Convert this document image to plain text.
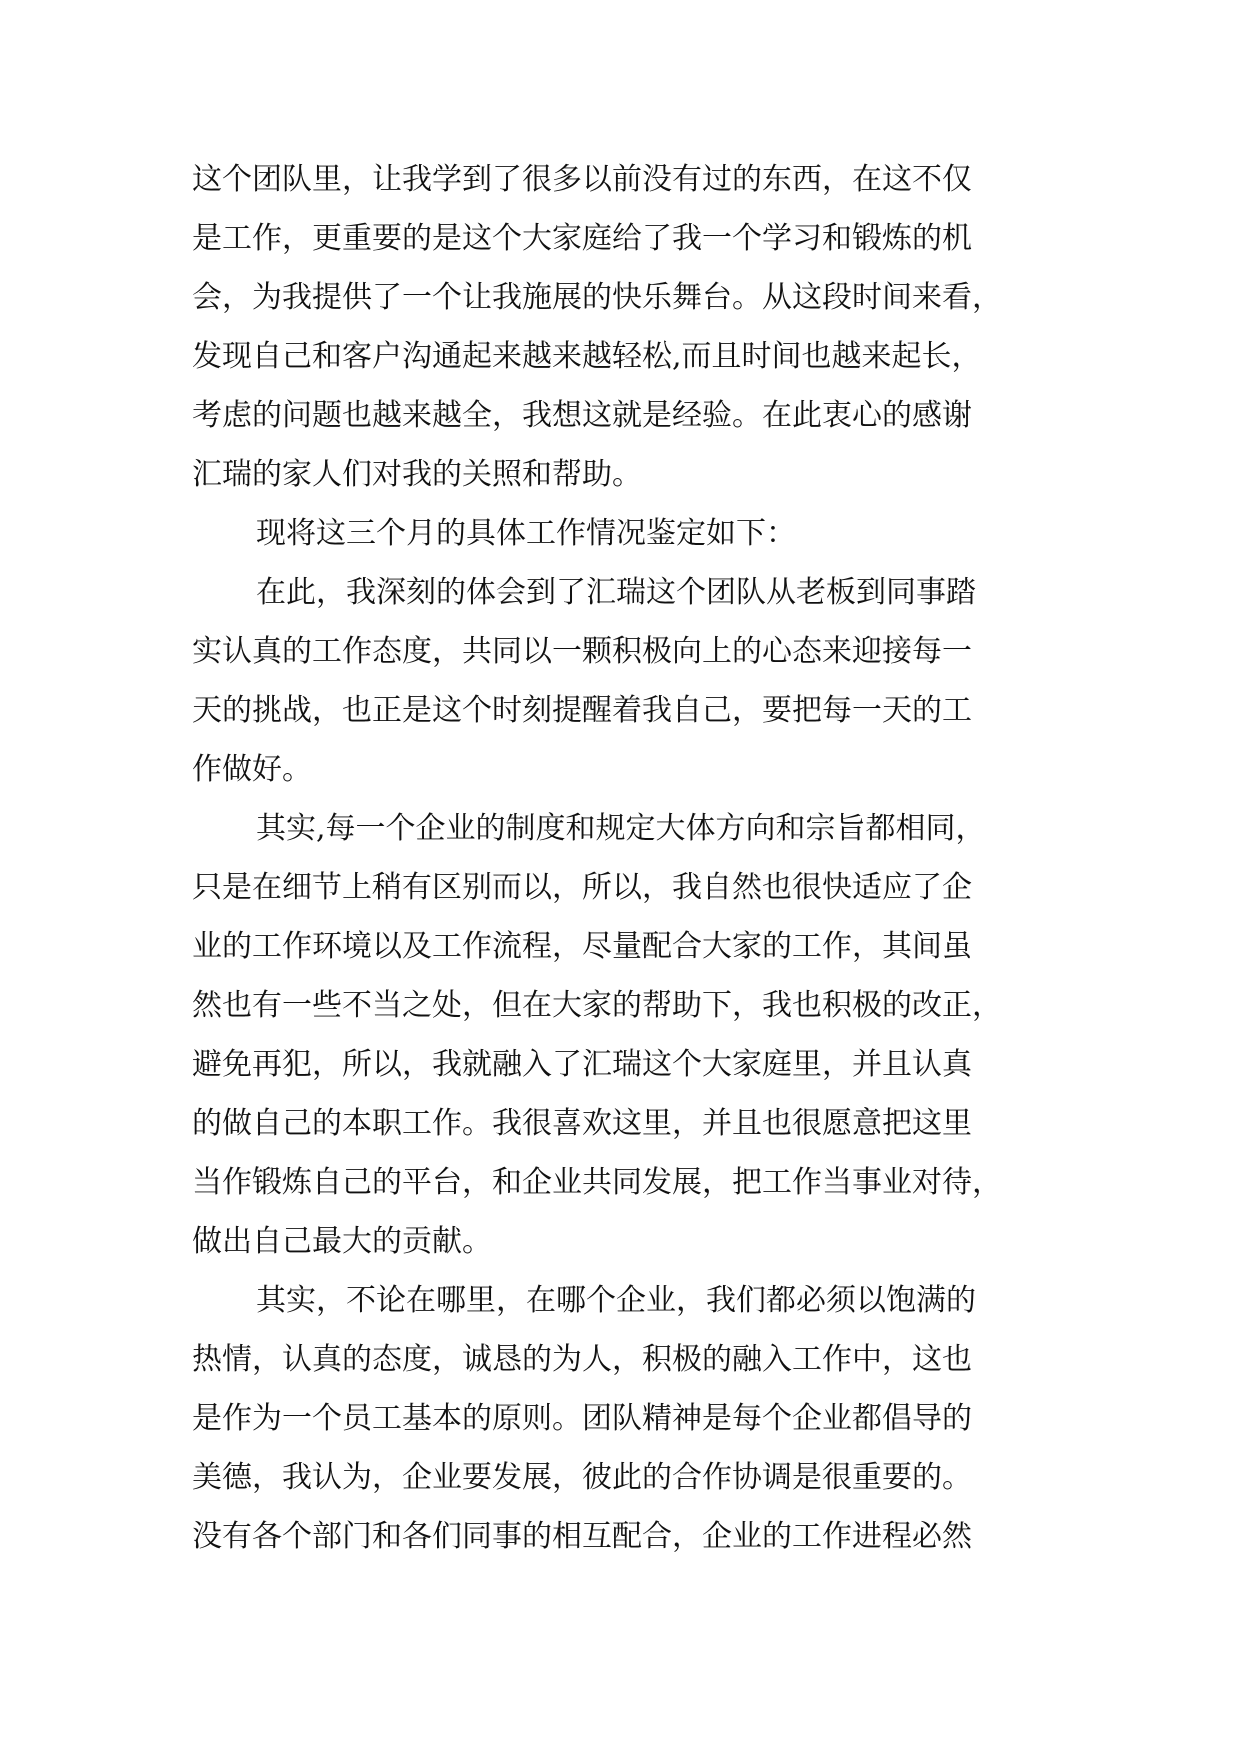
这个团队里，让我学到了很多以前没有过的东西，在这不仅
是工作，更重要的是这个大家庭给了我一个学习和锻炼的机
会，为我提供了一个让我施展的快乐舞台。从这段时间来看，
发现自己和客户沟通起来越来越轻松,而且时间也越来起长，
考虑的问题也越来越全，我想这就是经验。在此衷心的感谢
汇瑞的家人们对我的关照和帮助。
现将这三个月的具体工作情况鉴定如下：
在此，我深刻的体会到了汇瑞这个团队从老板到同事踏
实认真的工作态度，共同以一颗积极向上的心态来迎接每一
天的挑战，也正是这个时刻提醒着我自己，要把每一天的工
作做好。
其实,每一个企业的制度和规定大体方向和宗旨都相同，
只是在细节上稍有区别而以，所以，我自然也很快适应了企
业的工作环境以及工作流程，尽量配合大家的工作，其间虽
然也有一些不当之处，但在大家的帮助下，我也积极的改正，
避免再犯，所以，我就融入了汇瑞这个大家庭里，并且认真
的做自己的本职工作。我很喜欢这里，并且也很愿意把这里
当作锻炼自己的平台，和企业共同发展，把工作当事业对待，
做出自己最大的贡献。
其实，不论在哪里，在哪个企业，我们都必须以饱满的
热情，认真的态度，诚恳的为人，积极的融入工作中，这也
是作为一个员工基本的原则。团队精神是每个企业都倡导的
美德，我认为，企业要发展，彼此的合作协调是很重要的。
没有各个部门和各们同事的相互配合，企业的工作进程必然
